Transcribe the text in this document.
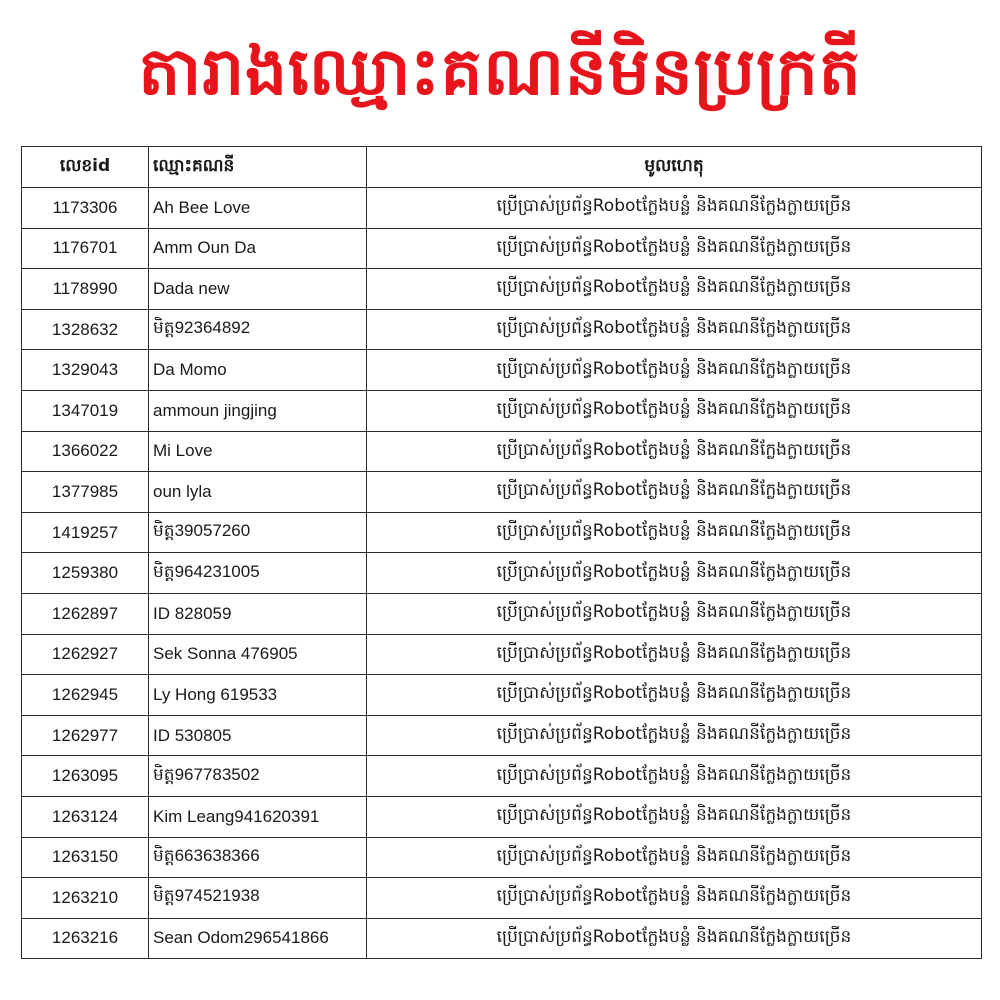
តារាងឈ្មោះគណនីមិនប្រក្រតី
លេខid	ឈ្មោះគណនី	មូលហេតុ
1173306	Ah Bee Love	ប្រើប្រាស់ប្រព័ន្ធRobotក្លែងបន្លំ និងគណនីក្លែងក្លាយច្រើន
1176701	Amm Oun Da	ប្រើប្រាស់ប្រព័ន្ធRobotក្លែងបន្លំ និងគណនីក្លែងក្លាយច្រើន
1178990	Dada new	ប្រើប្រាស់ប្រព័ន្ធRobotក្លែងបន្លំ និងគណនីក្លែងក្លាយច្រើន
1328632	មិត្ត92364892	ប្រើប្រាស់ប្រព័ន្ធRobotក្លែងបន្លំ និងគណនីក្លែងក្លាយច្រើន
1329043	Da Momo	ប្រើប្រាស់ប្រព័ន្ធRobotក្លែងបន្លំ និងគណនីក្លែងក្លាយច្រើន
1347019	ammoun jingjing	ប្រើប្រាស់ប្រព័ន្ធRobotក្លែងបន្លំ និងគណនីក្លែងក្លាយច្រើន
1366022	Mi Love	ប្រើប្រាស់ប្រព័ន្ធRobotក្លែងបន្លំ និងគណនីក្លែងក្លាយច្រើន
1377985	oun lyla	ប្រើប្រាស់ប្រព័ន្ធRobotក្លែងបន្លំ និងគណនីក្លែងក្លាយច្រើន
1419257	មិត្ត39057260	ប្រើប្រាស់ប្រព័ន្ធRobotក្លែងបន្លំ និងគណនីក្លែងក្លាយច្រើន
1259380	មិត្ត964231005	ប្រើប្រាស់ប្រព័ន្ធRobotក្លែងបន្លំ និងគណនីក្លែងក្លាយច្រើន
1262897	ID 828059	ប្រើប្រាស់ប្រព័ន្ធRobotក្លែងបន្លំ និងគណនីក្លែងក្លាយច្រើន
1262927	Sek Sonna 476905	ប្រើប្រាស់ប្រព័ន្ធRobotក្លែងបន្លំ និងគណនីក្លែងក្លាយច្រើន
1262945	Ly Hong 619533	ប្រើប្រាស់ប្រព័ន្ធRobotក្លែងបន្លំ និងគណនីក្លែងក្លាយច្រើន
1262977	ID 530805	ប្រើប្រាស់ប្រព័ន្ធRobotក្លែងបន្លំ និងគណនីក្លែងក្លាយច្រើន
1263095	មិត្ត967783502	ប្រើប្រាស់ប្រព័ន្ធRobotក្លែងបន្លំ និងគណនីក្លែងក្លាយច្រើន
1263124	Kim Leang941620391	ប្រើប្រាស់ប្រព័ន្ធRobotក្លែងបន្លំ និងគណនីក្លែងក្លាយច្រើន
1263150	មិត្ត663638366	ប្រើប្រាស់ប្រព័ន្ធRobotក្លែងបន្លំ និងគណនីក្លែងក្លាយច្រើន
1263210	មិត្ត974521938	ប្រើប្រាស់ប្រព័ន្ធRobotក្លែងបន្លំ និងគណនីក្លែងក្លាយច្រើន
1263216	Sean Odom296541866	ប្រើប្រាស់ប្រព័ន្ធRobotក្លែងបន្លំ និងគណនីក្លែងក្លាយច្រើន
